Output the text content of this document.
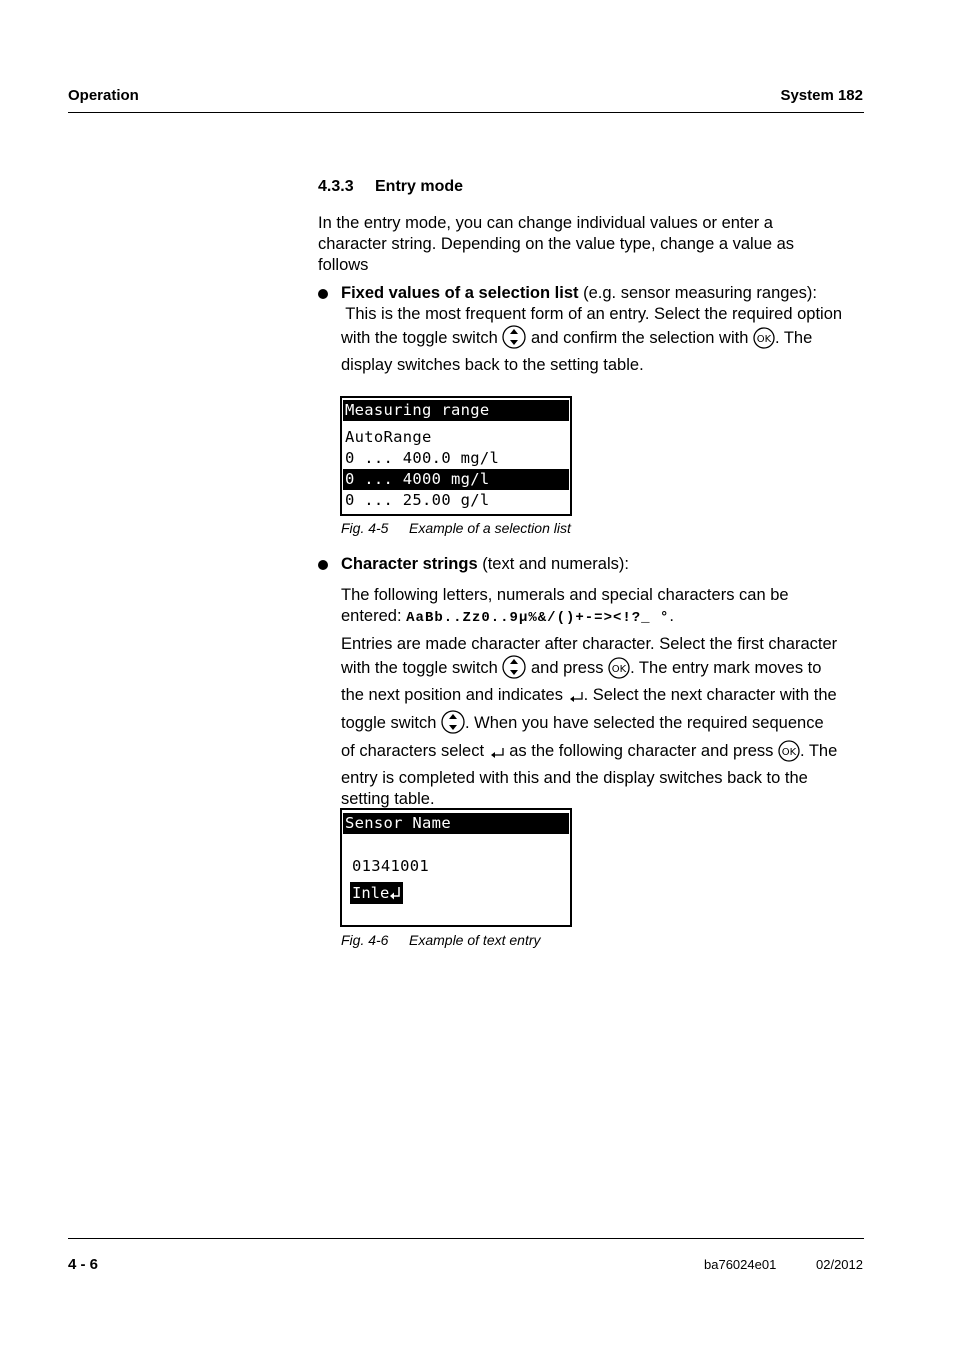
Operation	System 182
4.3.3 Entry mode
In the entry mode, you can change individual values or enter a
character string. Depending on the value type, change a value as
follows
Fixed values of a selection list (e.g. sensor measuring ranges):
This is the most frequent form of an entry. Select the required option
with the toggle switch  and confirm the selection with OK . The
display switches back to the setting table.
Measuring range
AutoRange
0 ... 400.0 mg/l
0 ... 4000 mg/l
0 ... 25.00 g/l
Fig. 4-5 Example of a selection list
Character strings (text and numerals):
The following letters, numerals and special characters can be
entered: AaBb..Zz0..9µ%&/()+-=><!?_ °.
Entries are made character after character. Select the first character
with the toggle switch  and press OK . The entry mark moves to
the next position and indicates . Select the next character with the
toggle switch . When you have selected the required sequence
of characters select  as the following character and press OK . The
entry is completed with this and the display switches back to the
setting table.
Sensor Name
01341001
Inle
Fig. 4-6 Example of text entry
4 - 6	ba76024e01	02/2012
